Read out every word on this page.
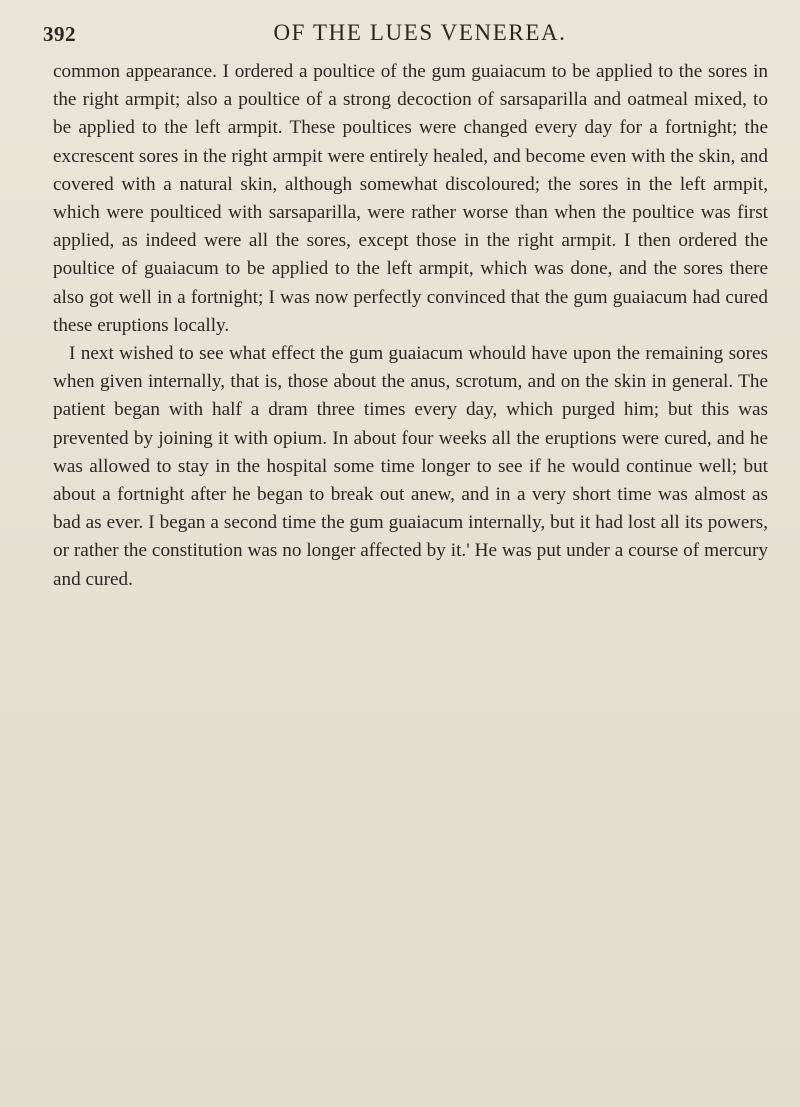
392	OF THE LUES VENEREA.

common appearance. I ordered a poultice of the gum guaiacum to be applied to the sores in the right armpit; also a poultice of a strong decoction of sarsaparilla and oatmeal mixed, to be applied to the left armpit. These poultices were changed every day for a fortnight; the excrescent sores in the right armpit were entirely healed, and become even with the skin, and covered with a natural skin, although somewhat discoloured; the sores in the left armpit, which were poulticed with sarsaparilla, were rather worse than when the poultice was first applied, as indeed were all the sores, except those in the right armpit. I then ordered the poultice of guaiacum to be applied to the left armpit, which was done, and the sores there also got well in a fortnight; I was now perfectly convinced that the gum guaiacum had cured these eruptions locally.

I next wished to see what effect the gum guaiacum whould have upon the remaining sores when given internally, that is, those about the anus, scrotum, and on the skin in general. The patient began with half a dram three times every day, which purged him; but this was prevented by joining it with opium. In about four weeks all the eruptions were cured, and he was allowed to stay in the hospital some time longer to see if he would continue well; but about a fortnight after he began to break out anew, and in a very short time was almost as bad as ever. I began a second time the gum guaiacum internally, but it had lost all its powers, or rather the constitution was no longer affected by it.' He was put under a course of mercury and cured.
